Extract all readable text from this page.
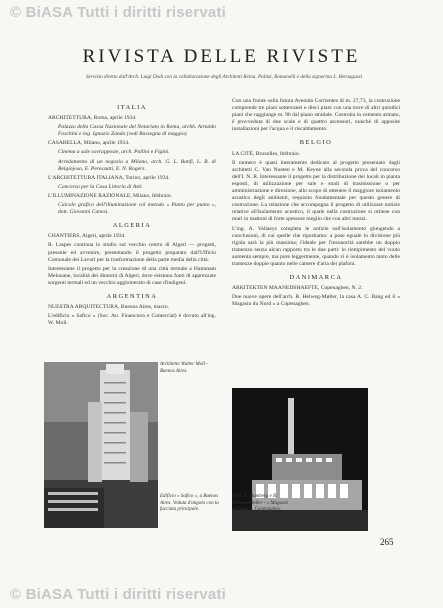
© BiASA Tutti i diritti riservati
RIVISTA DELLE RIVISTE
Servizio diretto dall'Arch. Luigi Dodi con la collaborazione degli Architetti Reina, Pulitzi, Romanelli e della signorina L. Bernagozzi
ITALIA

ARCHITETTURA, Roma, aprile 1934.

Palazzo della Cassa Nazionale del Notariato in Roma, archh. Arnaldo Foschini e ing. Ignazio Zanda (vedi Rassegna di maggio).

CASABELLA, Milano, aprile 1934.

Cinema a sale sovrapposte, arch. Pallini e Figini.

Arredamento di un negozio a Milano, arch. G. L. Banfi, L. B. di Belgiojoso, E. Peressutti, E. N. Rogers.

L'ARCHITETTURA ITALIANA, Torino, aprile 1934.

Concorso per la Casa Littoria di Asti.

L'ILLUMINAZIONE RAZIONALE, Milano, febbraio.

Calcolo grafico dell'illuminazione col metodo « Punto per punto », dott. Giovanni Canesi.

ALGERIA

CHANTIERS, Algeri, aprile 1934.

R. Laspes continua lo studio sul vecchio centro di Algeri — progetti, presente ed avvenire, presentando il progetto preparato dall'Ufficio Comunale dei Lavori per la trasformazione della parte media della città.

Interessante il progetto per la creazione di una città termale a Hammam Melouane, località dei dintorni di Algeri, dove esistono fonti di apprezzate sorgenti termali ed un vecchio agglomerato di case d'indigeni.

ARGENTINA

NUESTRA ARQUITECTURA, Buenos Aires, marzo.

L'edificio « Safico » (Soc. An. Financiera e Comercial) è dovuto all'ing. W. Moll.

Con una fronte sulla futura Avenida Corrientes di m. 27,73, la costruzione comprende tre piani sotterranei e dieci piani con una torre di altri quindici piani che raggiunge m. 96 dal piano stradale. Costruita in cemento armato, è provveduta di due scale e di quattro ascensori, nonché di apposite installazioni per l'acqua e il riscaldamento.

BELGIO

LA CITÉ, Bruxelles, febbraio.

Il numero è quasi interamente dedicato al progetto presentato dagli architetti C. Van Nueten e M. Keyne alla seconda prova del concorso dell'I. N. R. Interessante il progetto per la distribuzione dei locali in pianta esposti, di utilizzazione per sale e studi di trasmissione o per amministrazione e direzione, allo scopo di ottenere il maggiore isolamento acustico degli ambienti, requisito fondamentale per questo genere di costruzione. La relazione che accompagna il progetto di utilizzare notizie relative all'isolamento acustico, il quale nella costruzione si ottiene con muri in mattoni di forte spessore meglio che con altri mezzi.

L'ing. A. Vallaeys completa le notizie sull'isolamento giungendo a conclusioni, di cui quelle che riportiamo: a pose eguale lo divisione più rigida sarà la più massima; l'ideale per l'insonorità sarebbe un doppio tramezzo senza alcun rapporto tra le due parti: lo riempimento del vuoto aumenta sempre, ma pure leggermente, quando vi è isolamento tanto delle tramezze doppie quanto nelle camere d'aria dei plafoni.

DANIMARCA

ARKITEKTEN MAANEDSHAEFTE, Copenaghen, N. 2.

Due nuove opere dell'arch. B. Helweg-Møller, la casa A. C. Bang ed il « Magasin du Nord » a Copenaghen.

Architetto Walter Moll - Buenos Aires.
Edificio « Safico », a Buenos Aires. Veduta d'angolo con la facciata principale.
Arch. E. Hamberg e B. Helweg-Møller - « Magasin du Nord », Copenaghen.
265
© BiASA Tutti i diritti riservati
